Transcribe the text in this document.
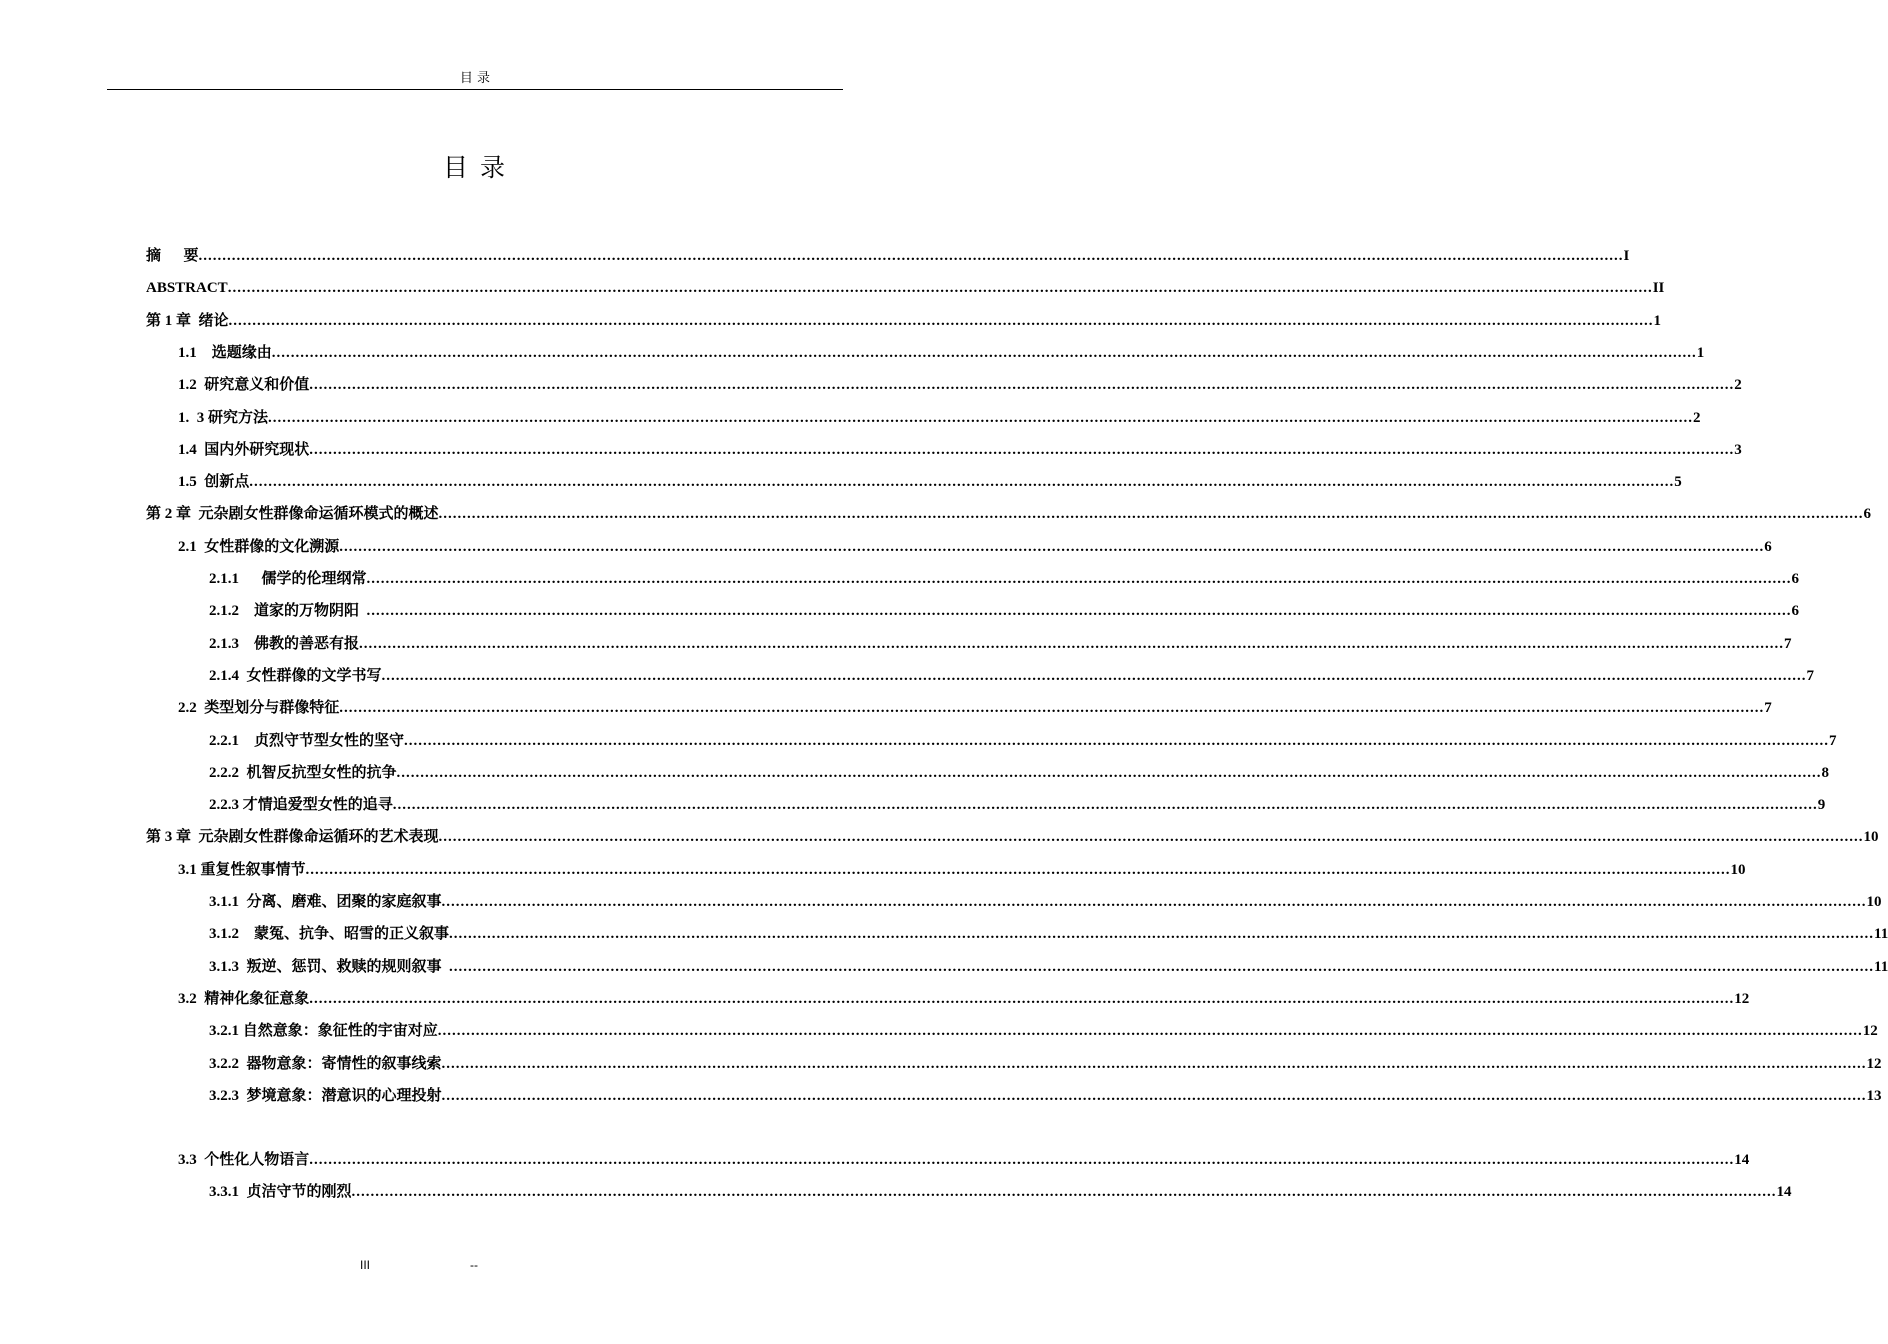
目 录
目 录
摘      要 ............................................................................................................................................................................................................................................................................................................ I
ABSTRACT ............................................................................................................................................................................................................................................................................................................ II
第 1 章  绪论 ............................................................................................................................................................................................................................................................................................................ 1
1.1    选题缘由 ............................................................................................................................................................................................................................................................................................................ 1
1.2  研究意义和价值 ............................................................................................................................................................................................................................................................................................................ 2
1.  3 研究方法 ............................................................................................................................................................................................................................................................................................................ 2
1.4  国内外研究现状 ............................................................................................................................................................................................................................................................................................................ 3
1.5  创新点 ............................................................................................................................................................................................................................................................................................................ 5
第 2 章  元杂剧女性群像命运循环模式的概述 ............................................................................................................................................................................................................................................................................................................ 6
2.1  女性群像的文化溯源 ............................................................................................................................................................................................................................................................................................................ 6
2.1.1      儒学的伦理纲常 ............................................................................................................................................................................................................................................................................................................ 6
2.1.2    道家的万物阴阳 ............................................................................................................................................................................................................................................................................................................ 6
2.1.3    佛教的善恶有报 ............................................................................................................................................................................................................................................................................................................ 7
2.1.4  女性群像的文学书写 ............................................................................................................................................................................................................................................................................................................ 7
2.2  类型划分与群像特征 ............................................................................................................................................................................................................................................................................................................ 7
2.2.1    贞烈守节型女性的坚守 ............................................................................................................................................................................................................................................................................................................ 7
2.2.2  机智反抗型女性的抗争 ............................................................................................................................................................................................................................................................................................................ 8
2.2.3 才情追爱型女性的追寻 ............................................................................................................................................................................................................................................................................................................ 9
第 3 章  元杂剧女性群像命运循环的艺术表现 ............................................................................................................................................................................................................................................................................................................ 10
3.1 重复性叙事情节 ............................................................................................................................................................................................................................................................................................................ 10
3.1.1  分离、磨难、团聚的家庭叙事 ............................................................................................................................................................................................................................................................................................................ 10
3.1.2    蒙冤、抗争、昭雪的正义叙事 ............................................................................................................................................................................................................................................................................................................ 11
3.1.3  叛逆、惩罚、救赎的规则叙事 ............................................................................................................................................................................................................................................................................................................ 11
3.2  精神化象征意象 ............................................................................................................................................................................................................................................................................................................ 12
3.2.1 自然意象：象征性的宇宙对应 ............................................................................................................................................................................................................................................................................................................ 12
3.2.2  器物意象：寄情性的叙事线索 ............................................................................................................................................................................................................................................................................................................ 12
3.2.3  梦境意象：潜意识的心理投射 ............................................................................................................................................................................................................................................................................................................ 13
3.3  个性化人物语言 ............................................................................................................................................................................................................................................................................................................ 14
3.3.1  贞洁守节的刚烈 ............................................................................................................................................................................................................................................................................................................ 14
III	--
